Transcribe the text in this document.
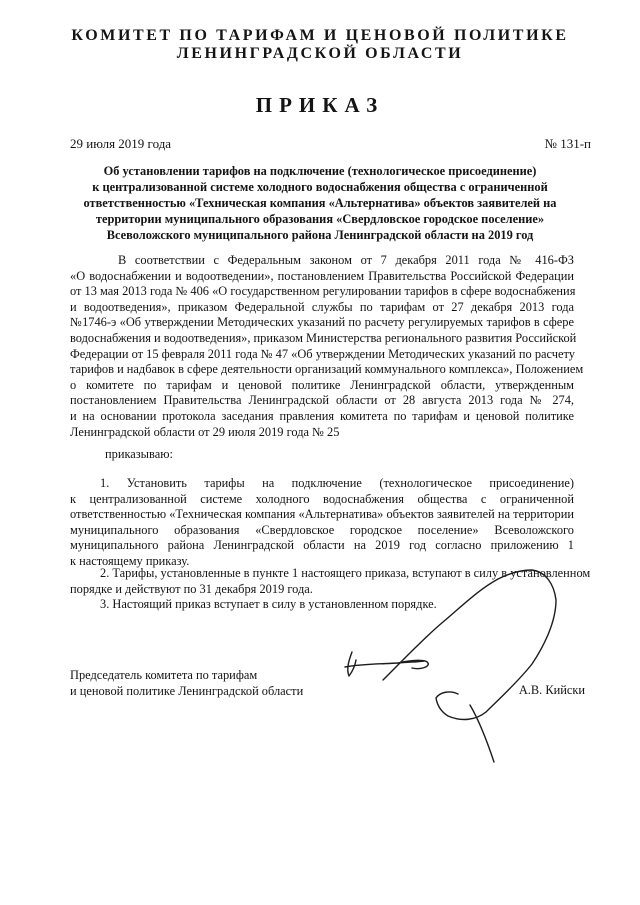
КОМИТЕТ ПО ТАРИФАМ И ЦЕНОВОЙ ПОЛИТИКЕ
ЛЕНИНГРАДСКОЙ ОБЛАСТИ
ПРИКАЗ
29 июля 2019 года	№ 131-п
Об установлении тарифов на подключение (технологическое присоединение)
к централизованной системе холодного водоснабжения общества с ограниченной
ответственностью «Техническая компания «Альтернатива» объектов заявителей на
территории муниципального образования «Свердловское городское поселение»
Всеволожского муниципального района Ленинградской области на 2019 год
В соответствии с Федеральным законом от 7 декабря 2011 года № 416-ФЗ
«О водоснабжении и водоотведении», постановлением Правительства Российской Федерации
от 13 мая 2013 года № 406 «О государственном регулировании тарифов в сфере водоснабжения
и водоотведения», приказом Федеральной службы по тарифам от 27 декабря 2013 года
№1746-э «Об утверждении Методических указаний по расчету регулируемых тарифов в сфере
водоснабжения и водоотведения», приказом Министерства регионального развития Российской
Федерации от 15 февраля 2011 года № 47 «Об утверждении Методических указаний по расчету
тарифов и надбавок в сфере деятельности организаций коммунального комплекса», Положением
о комитете по тарифам и ценовой политике Ленинградской области, утвержденным
постановлением Правительства Ленинградской области от 28 августа 2013 года № 274,
и на основании протокола заседания правления комитета по тарифам и ценовой политике
Ленинградской области от 29 июля 2019 года № 25
приказываю:
1. Установить тарифы на подключение (технологическое присоединение)
к централизованной системе холодного водоснабжения общества с ограниченной
ответственностью «Техническая компания «Альтернатива» объектов заявителей на территории
муниципального образования «Свердловское городское поселение» Всеволожского
муниципального района Ленинградской области на 2019 год согласно приложению 1
к настоящему приказу.
2. Тарифы, установленные в пункте 1 настоящего приказа, вступают в силу в установленном
порядке и действуют по 31 декабря 2019 года.
3. Настоящий приказ вступает в силу в установленном порядке.
Председатель комитета по тарифам
и ценовой политике Ленинградской области	А.В. Кийски
